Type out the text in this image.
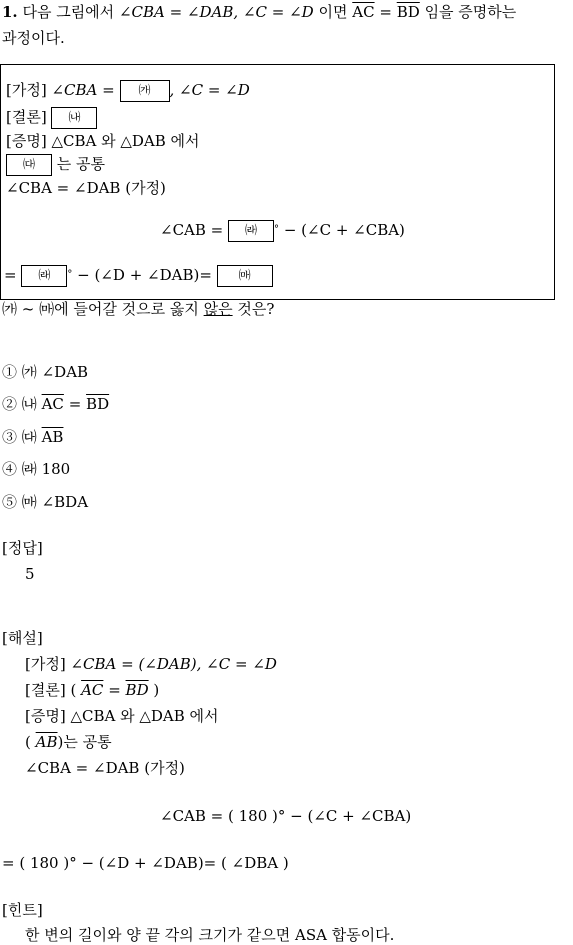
1. 다음 그림에서 ∠CBA = ∠DAB, ∠C = ∠D 이면 $\overline{AC} = \overline{BD}$ 임을 증명하는
과정이다.
[가정] ∠CBA = ㈎ , ∠C = ∠D
[결론] ㈏
[증명] △CBA 와 △DAB 에서
㈐ 는 공통
∠CBA = ∠DAB (가정)
∠CAB = ㈑ ° − (∠C + ∠CBA)
= ㈑ ° − (∠D + ∠DAB)= ㈒
㈎ ~ ㈒에 들어갈 것으로 옳지 않은 것은?
① ㈎ ∠DAB
② ㈏ $\overline{AC} = \overline{BD}$
③ ㈐ $\overline{AB}$
④ ㈑ 180
⑤ ㈒ ∠BDA
[정답]
5
[해설]
[가정] ∠CBA = (∠DAB), ∠C = ∠D
[결론] ( $\overline{AC} = \overline{BD}$ )
[증명] △CBA 와 △DAB 에서
( $\overline{AB}$)는 공통
∠CBA = ∠DAB (가정)
∠CAB = ( 180 )° − (∠C + ∠CBA)
= ( 180 )° − (∠D + ∠DAB)= ( ∠DBA )
[힌트]
한 변의 길이와 양 끝 각의 크기가 같으면 ASA 합동이다.
